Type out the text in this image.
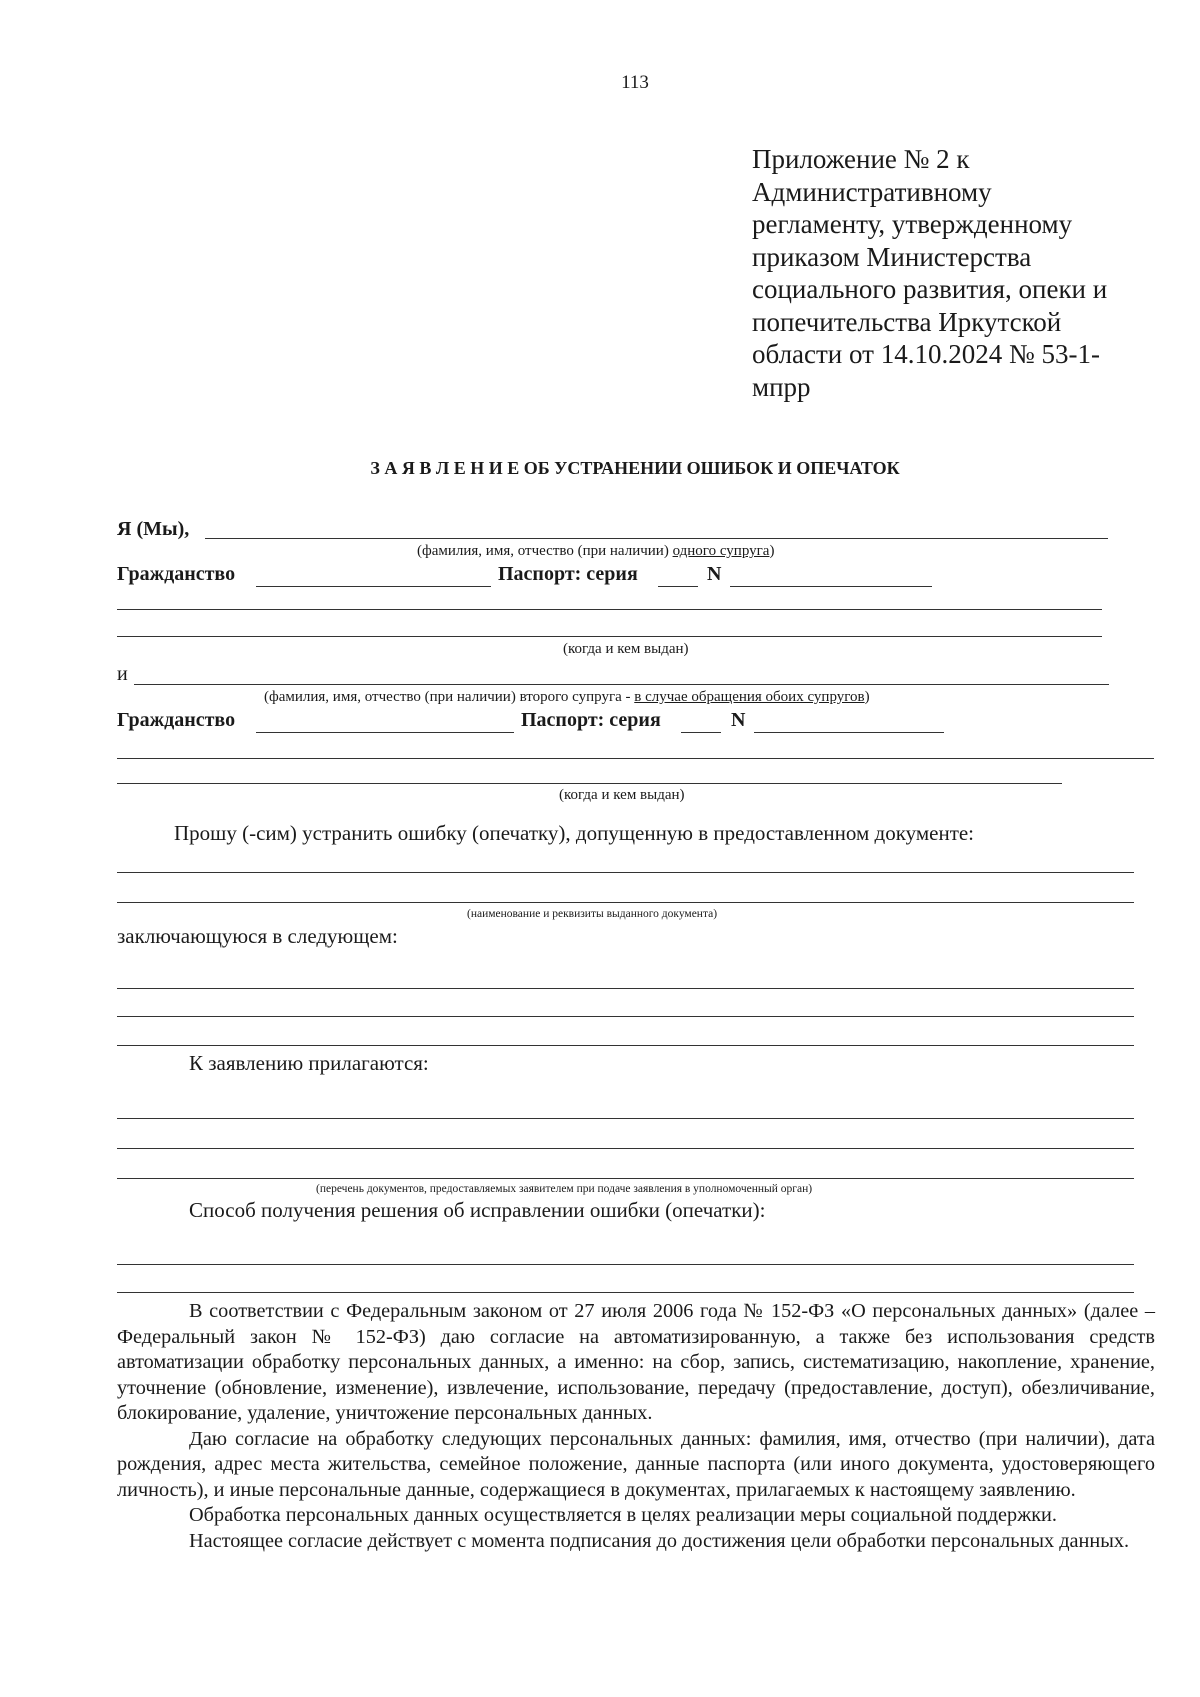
113
Приложение № 2 к
Административному
регламенту, утвержденному
приказом Министерства
социального развития, опеки и
попечительства Иркутской
области от 14.10.2024 № 53-1-
мпрр
З А Я В Л Е Н И Е ОБ УСТРАНЕНИИ ОШИБОК И ОПЕЧАТОК
Я (Мы),
(фамилия, имя, отчество (при наличии) одного супруга)
Гражданство	Паспорт: серия	N
(когда и кем выдан)
и
(фамилия, имя, отчество (при наличии) второго супруга - в случае обращения обоих супругов)
Гражданство	Паспорт: серия	N
(когда и кем выдан)
Прошу (-сим) устранить ошибку (опечатку), допущенную в предоставленном документе:
(наименование и реквизиты выданного документа)
заключающуюся в следующем:
К заявлению прилагаются:
(перечень документов, предоставляемых заявителем при подаче заявления в уполномоченный орган)
Способ получения решения об исправлении ошибки (опечатки):

В соответствии с Федеральным законом от 27 июля 2006 года № 152-ФЗ «О персональных данных» (далее – Федеральный закон № 152-ФЗ) даю согласие на автоматизированную, а также без использования средств автоматизации обработку персональных данных, а именно: на сбор, запись, систематизацию, накопление, хранение, уточнение (обновление, изменение), извлечение, использование, передачу (предоставление, доступ), обезличивание, блокирование, удаление, уничтожение персональных данных.

Даю согласие на обработку следующих персональных данных: фамилия, имя, отчество (при наличии), дата рождения, адрес места жительства, семейное положение, данные паспорта (или иного документа, удостоверяющего личность), и иные персональные данные, содержащиеся в документах, прилагаемых к настоящему заявлению.

Обработка персональных данных осуществляется в целях реализации меры социальной поддержки.

Настоящее согласие действует с момента подписания до достижения цели обработки персональных данных.
